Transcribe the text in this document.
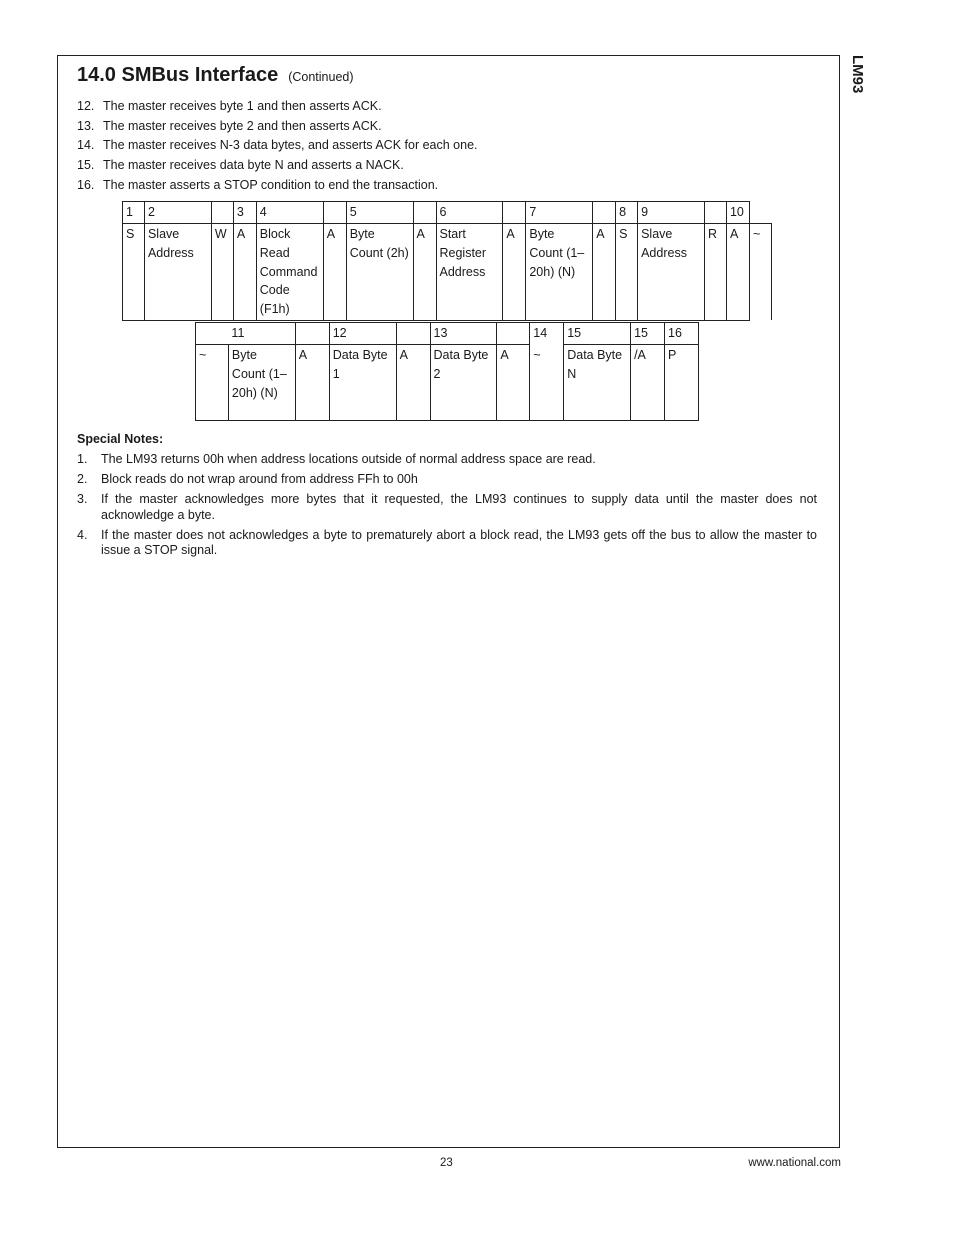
LM93
14.0 SMBus Interface (Continued)
12. The master receives byte 1 and then asserts ACK.
13. The master receives byte 2 and then asserts ACK.
14. The master receives N-3 data bytes, and asserts ACK for each one.
15. The master receives data byte N and asserts a NACK.
16. The master asserts a STOP condition to end the transaction.
1	2		3	4		5		6		7		8	9		10	
S	Slave Address	W	A	Block Read Command Code (F1h)	A	Byte Count (2h)	A	Start Register Address	A	Byte Count (1–20h) (N)	A	S	Slave Address	R	A	~
	11		12		13		14	15	15	16
~	Byte Count (1–20h) (N)	A	Data Byte 1	A	Data Byte 2	A	~	Data Byte N	/A	P
Special Notes:
1.	The LM93 returns 00h when address locations outside of normal address space are read.
2.	Block reads do not wrap around from address FFh to 00h
3.	If the master acknowledges more bytes that it requested, the LM93 continues to supply data until the master does not acknowledge a byte.
4.	If the master does not acknowledges a byte to prematurely abort a block read, the LM93 gets off the bus to allow the master to issue a STOP signal.
23	www.national.com
